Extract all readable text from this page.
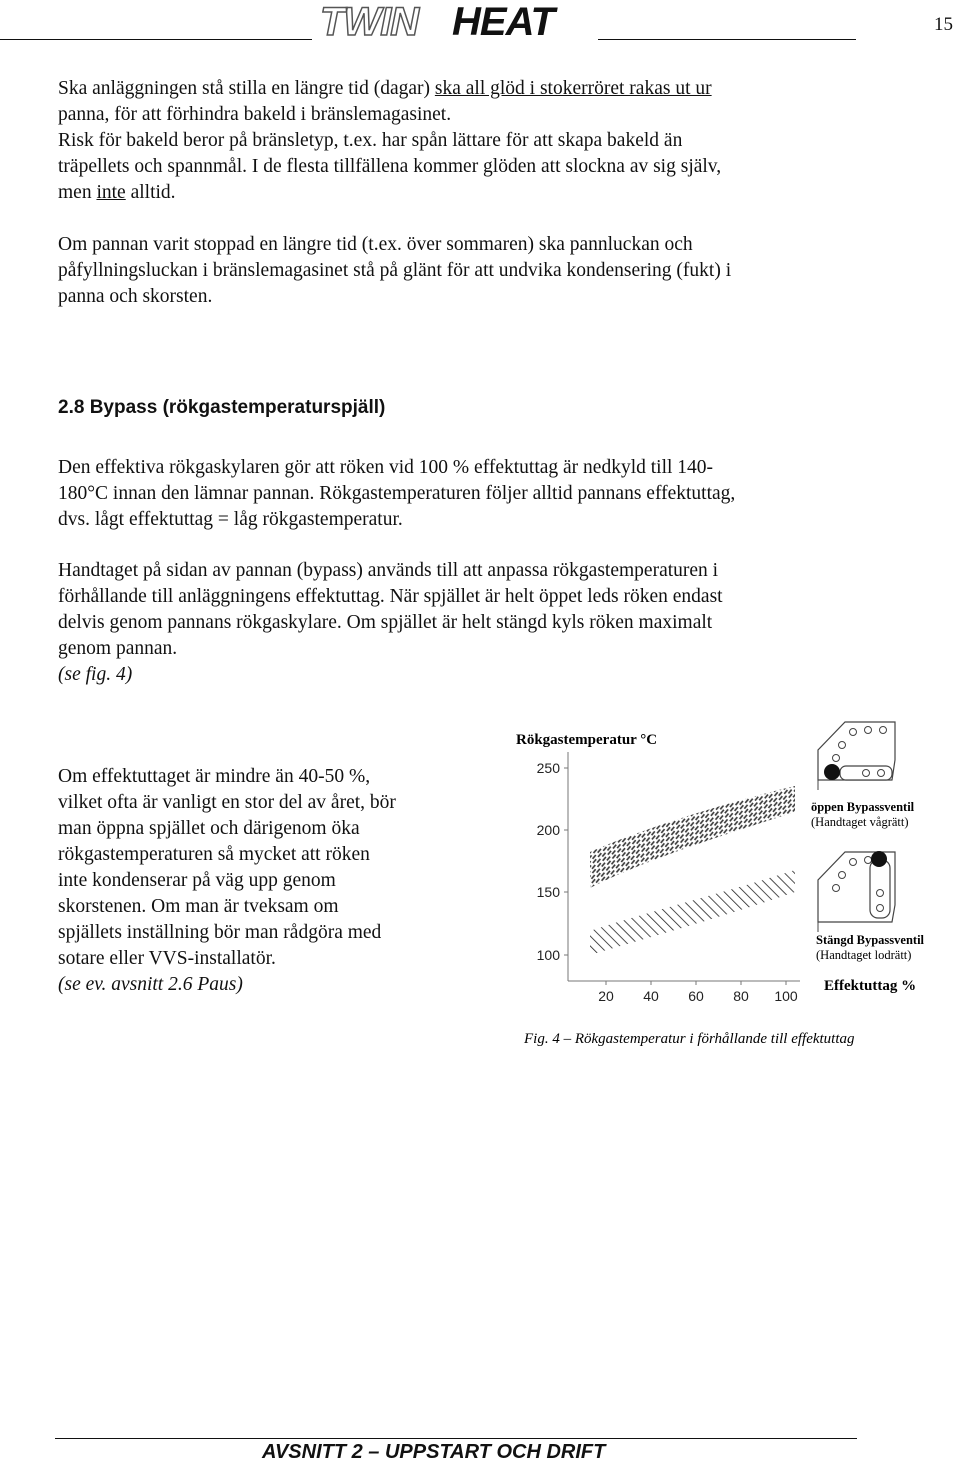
TWIN HEAT	15
Ska anläggningen stå stilla en längre tid (dagar) ska all glöd i stokerröret rakas ut ur
panna, för att förhindra bakeld i bränslemagasinet.
Risk för bakeld beror på bränsletyp, t.ex. har spån lättare för att skapa bakeld än
träpellets och spannmål. I de flesta tillfällena kommer glöden att slockna av sig själv,
men inte alltid.
Om pannan varit stoppad en längre tid (t.ex. över sommaren) ska pannluckan och
påfyllningsluckan i bränslemagasinet stå på glänt för att undvika kondensering (fukt) i
panna och skorsten.
2.8 Bypass (rökgastemperaturspjäll)
Den effektiva rökgaskylaren gör att röken vid 100 % effektuttag är nedkyld till 140-
180°C innan den lämnar pannan. Rökgastemperaturen följer alltid pannans effektuttag,
dvs. lågt effektuttag = låg rökgastemperatur.
Handtaget på sidan av pannan (bypass) används till att anpassa rökgastemperaturen i
förhållande till anläggningens effektuttag. När spjället är helt öppet leds röken endast
delvis genom pannans rökgaskylare. Om spjället är helt stängd kyls röken maximalt
genom pannan.
(se fig. 4)
Om effektuttaget är mindre än 40-50 %,
vilket ofta är vanligt en stor del av året, bör
man öppna spjället och därigenom öka
rökgastemperaturen så mycket att röken
inte kondenserar på väg upp genom
skorstenen. Om man är tveksam om
spjällets inställning bör man rådgöra med
sotare eller VVS-installatör.
(se ev. avsnitt 2.6 Paus)
Rökgastemperatur °C
250
200
150
100
20 40 60 80 100
öppen Bypassventil
(Handtaget vågrätt)
Stängd Bypassventil
(Handtaget lodrätt)
Effektuttag %
Fig. 4 – Rökgastemperatur i förhållande till effektuttag
AVSNITT 2 – UPPSTART OCH DRIFT
